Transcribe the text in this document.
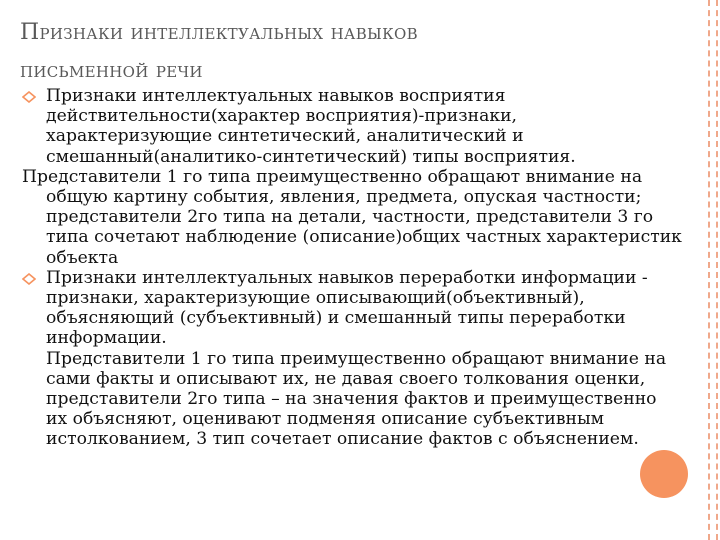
Признаки интеллектуальных навыков
письменной речи

Признаки интеллектуальных навыков восприятия действительности(характер восприятия)-признаки, характеризующие синтетический, аналитический и смешанный(аналитико-синтетический) типы восприятия.

Представители 1 го типа преимущественно обращают внимание на общую картину события, явления, предмета, опуская частности; представители 2го типа на детали, частности, представители 3 го типа сочетают наблюдение (описание)общих частных характеристик объекта

Признаки интеллектуальных навыков переработки информации - признаки, характеризующие описывающий(объективный), объясняющий (субъективный) и смешанный типы переработки информации.
Представители 1 го типа преимущественно обращают внимание на сами факты и описывают их, не давая своего толкования оценки, представители 2го типа – на значения фактов и преимущественно их объясняют, оценивают подменяя описание субъективным истолкованием, 3 тип сочетает описание фактов с объяснением.
